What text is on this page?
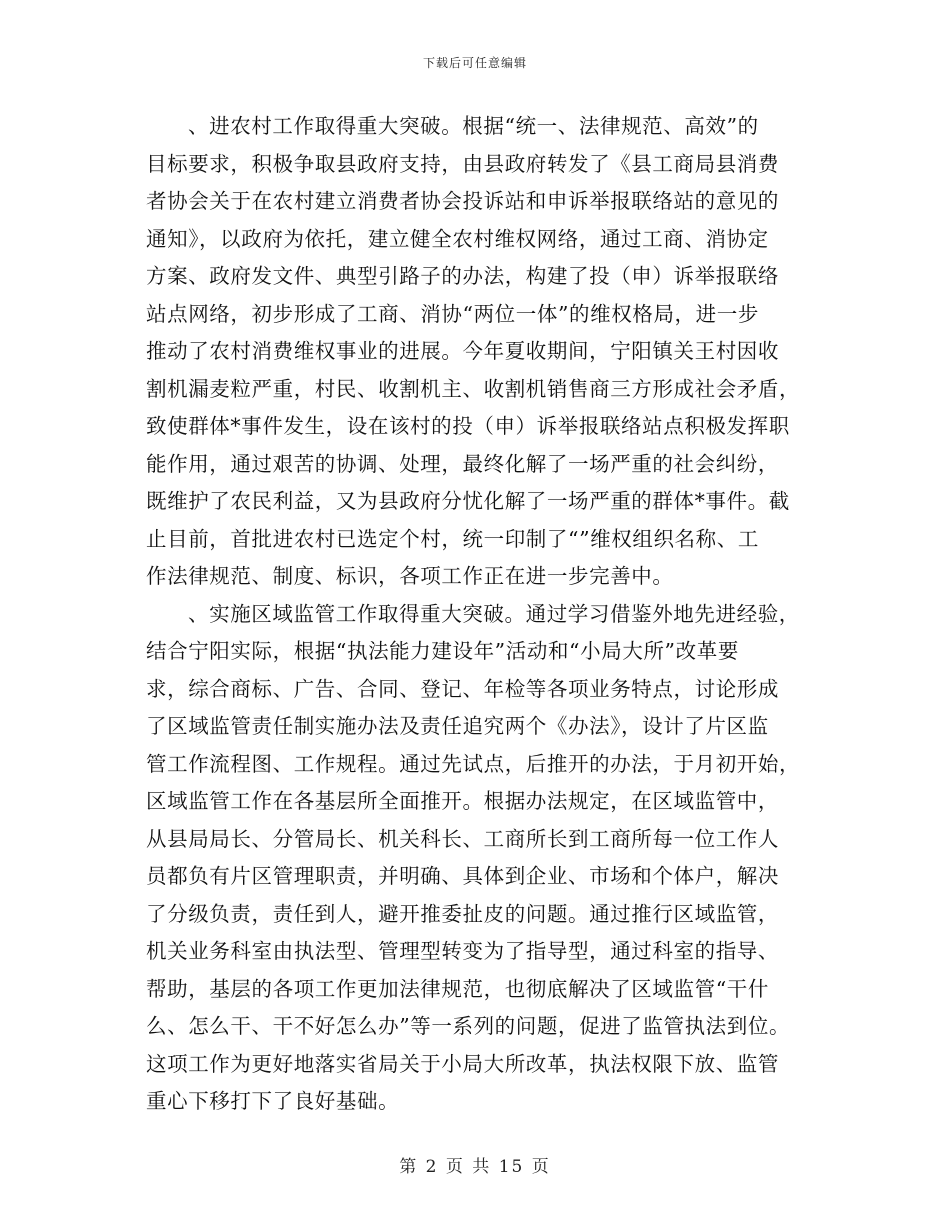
下载后可任意编辑

、进农村工作取得重大突破。根据“统一、法律规范、高效”的
目标要求，积极争取县政府支持，由县政府转发了《县工商局县消费
者协会关于在农村建立消费者协会投诉站和申诉举报联络站的意见的
通知》，以政府为依托，建立健全农村维权网络，通过工商、消协定
方案、政府发文件、典型引路子的办法，构建了投（申）诉举报联络
站点网络，初步形成了工商、消协“两位一体”的维权格局，进一步
推动了农村消费维权事业的进展。今年夏收期间，宁阳镇关王村因收
割机漏麦粒严重，村民、收割机主、收割机销售商三方形成社会矛盾，
致使群体*事件发生，设在该村的投（申）诉举报联络站点积极发挥职
能作用，通过艰苦的协调、处理，最终化解了一场严重的社会纠纷，
既维护了农民利益，又为县政府分忧化解了一场严重的群体*事件。截
止目前，首批进农村已选定个村，统一印制了“”维权组织名称、工
作法律规范、制度、标识，各项工作正在进一步完善中。

、实施区域监管工作取得重大突破。通过学习借鉴外地先进经验，
结合宁阳实际，根据“执法能力建设年”活动和“小局大所”改革要
求，综合商标、广告、合同、登记、年检等各项业务特点，讨论形成
了区域监管责任制实施办法及责任追究两个《办法》，设计了片区监
管工作流程图、工作规程。通过先试点，后推开的办法，于月初开始，
区域监管工作在各基层所全面推开。根据办法规定，在区域监管中，
从县局局长、分管局长、机关科长、工商所长到工商所每一位工作人
员都负有片区管理职责，并明确、具体到企业、市场和个体户，解决
了分级负责，责任到人，避开推委扯皮的问题。通过推行区域监管，
机关业务科室由执法型、管理型转变为了指导型，通过科室的指导、
帮助，基层的各项工作更加法律规范，也彻底解决了区域监管“干什
么、怎么干、干不好怎么办”等一系列的问题，促进了监管执法到位。
这项工作为更好地落实省局关于小局大所改革，执法权限下放、监管
重心下移打下了良好基础。

第 2 页 共 15 页
